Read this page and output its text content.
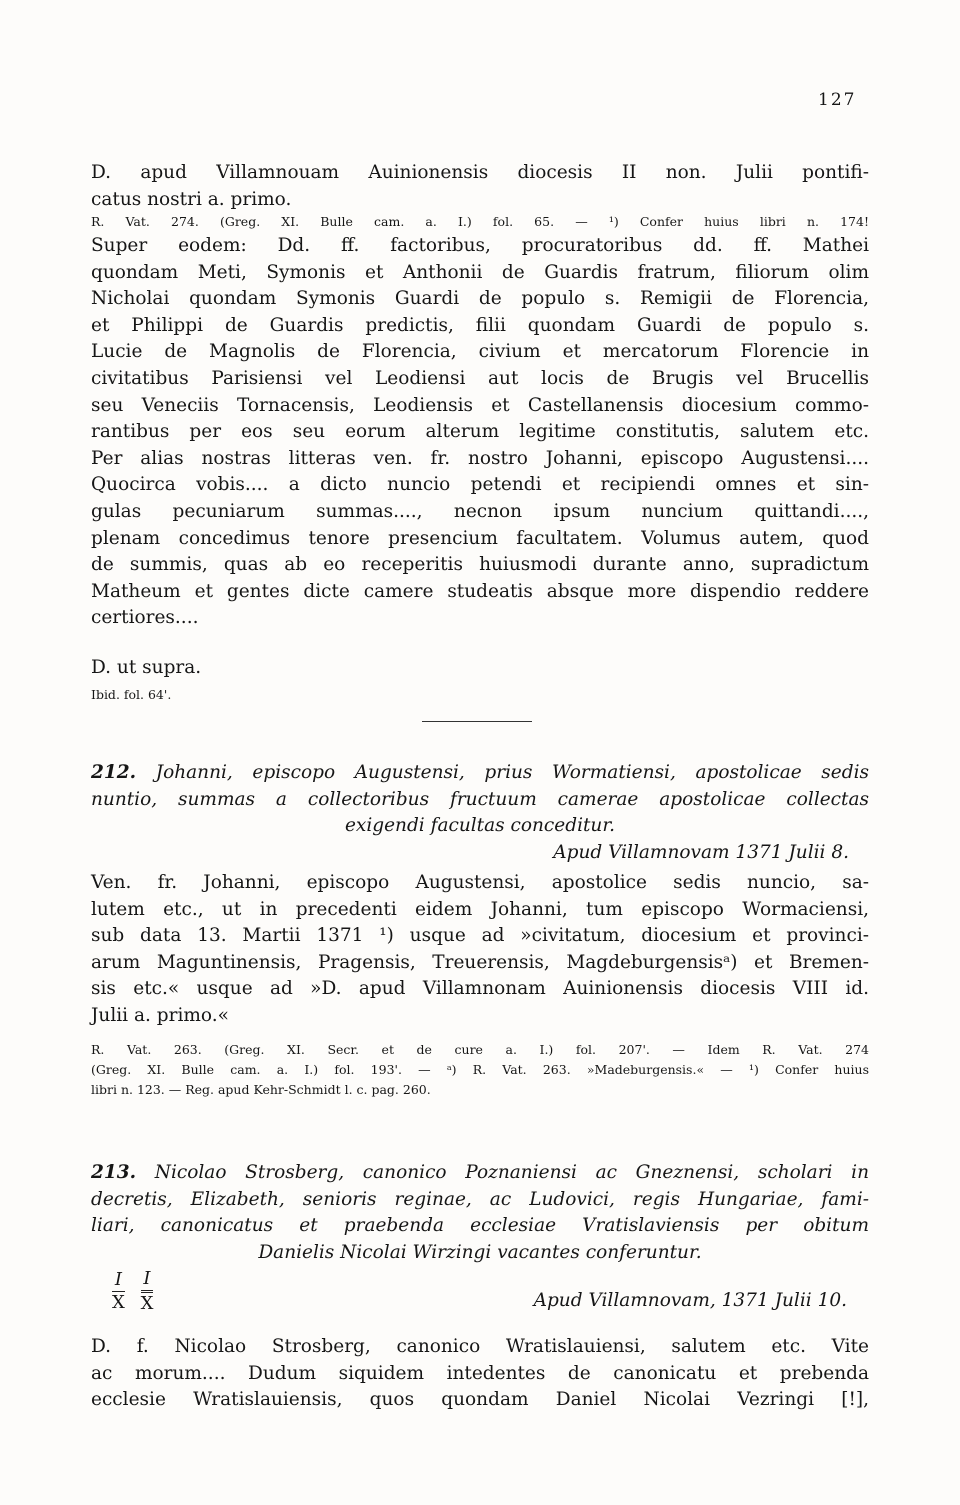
127
D. apud Villamnouam Auinionensis diocesis II non. Julii pontifi-
catus nostri a. primo.
R. Vat. 274. (Greg. XI. Bulle cam. a. I.) fol. 65. — ¹) Confer huius libri n. 174!
Super eodem: Dd. ff. factoribus, procuratoribus dd. ff. Mathei
quondam Meti, Symonis et Anthonii de Guardis fratrum, filiorum olim
Nicholai quondam Symonis Guardi de populo s. Remigii de Florencia,
et Philippi de Guardis predictis, filii quondam Guardi de populo s.
Lucie de Magnolis de Florencia, civium et mercatorum Florencie in
civitatibus Parisiensi vel Leodiensi aut locis de Brugis vel Brucellis
seu Veneciis Tornacensis, Leodiensis et Castellanensis diocesium commo-
rantibus per eos seu eorum alterum legitime constitutis, salutem etc.
Per alias nostras litteras ven. fr. nostro Johanni, episcopo Augustensi....
Quocirca vobis.... a dicto nuncio petendi et recipiendi omnes et sin-
gulas pecuniarum summas...., necnon ipsum nuncium quittandi....,
plenam concedimus tenore presencium facultatem. Volumus autem, quod
de summis, quas ab eo receperitis huiusmodi durante anno, supradictum
Matheum et gentes dicte camere studeatis absque more dispendio reddere
certiores....
D. ut supra.
Ibid. fol. 64'.
212. Johanni, episcopo Augustensi, prius Wormatiensi, apostolicae sedis
nuntio, summas a collectoribus fructuum camerae apostolicae collectas
exigendi facultas conceditur.
Apud Villamnovam 1371 Julii 8.
Ven. fr. Johanni, episcopo Augustensi, apostolice sedis nuncio, sa-
lutem etc., ut in precedenti eidem Johanni, tum episcopo Wormaciensi,
sub data 13. Martii 1371 ¹) usque ad »civitatum, diocesium et provinci-
arum Maguntinensis, Pragensis, Treuerensis, Magdeburgensisᵃ) et Bremen-
sis etc.« usque ad »D. apud Villamnonam Auinionensis diocesis VIII id.
Julii a. primo.«
R. Vat. 263. (Greg. XI. Secr. et de cure a. I.) fol. 207'. — Idem R. Vat. 274
(Greg. XI. Bulle cam. a. I.) fol. 193'. — ᵃ) R. Vat. 263. »Madeburgensis.« — ¹) Confer huius
libri n. 123. — Reg. apud Kehr-Schmidt l. c. pag. 260.
213. Nicolao Strosberg, canonico Poznaniensi ac Gneznensi, scholari in
decretis, Elizabeth, senioris reginae, ac Ludovici, regis Hungariae, fami-
liari, canonicatus et praebenda ecclesiae Vratislaviensis per obitum
Danielis Nicolai Wirzingi vacantes conferuntur.
$\frac{I}{X}$
$\frac{I}{X}$	Apud Villamnovam, 1371 Julii 10.
D. f. Nicolao Strosberg, canonico Wratislauiensi, salutem etc. Vite
ac morum.... Dudum siquidem intedentes de canonicatu et prebenda
ecclesie Wratislauiensis, quos quondam Daniel Nicolai Vezringi [!],
